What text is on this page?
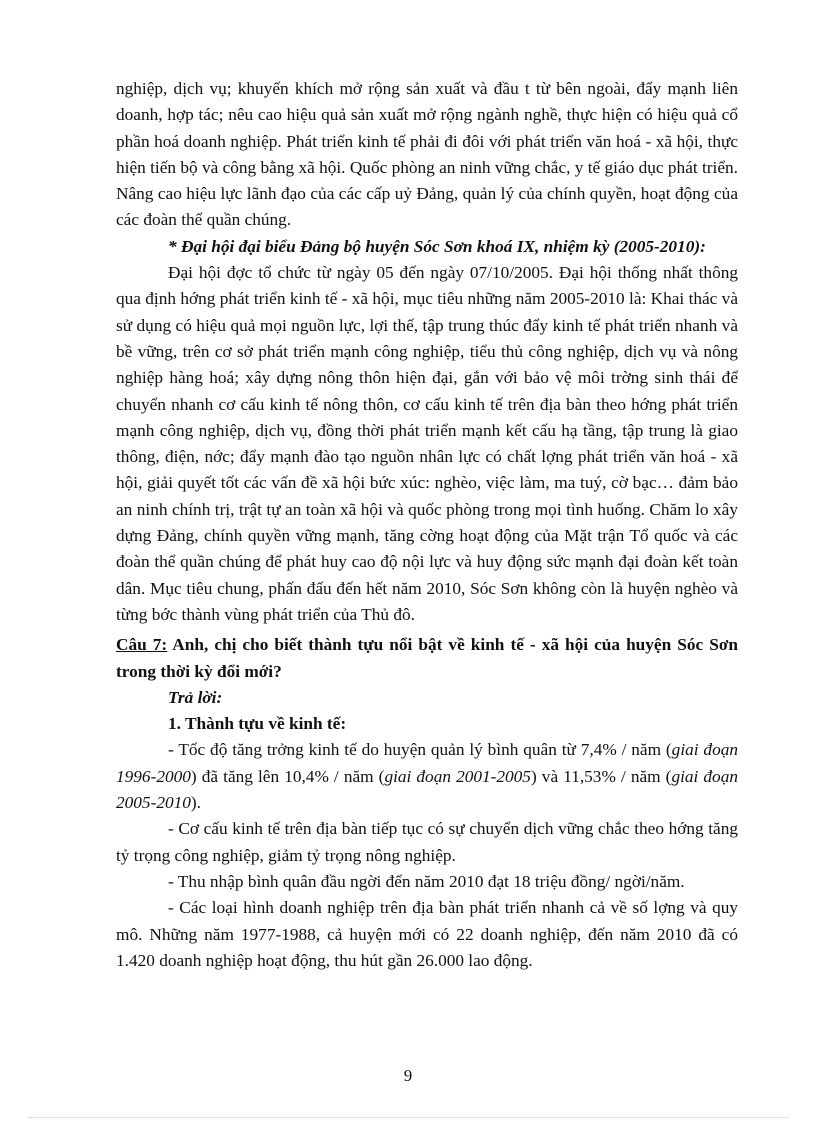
nghiệp, dịch vụ; khuyến khích mở rộng sản xuất và đầu t từ bên ngoài, đẩy mạnh liên doanh, hợp tác; nêu cao hiệu quả sản xuất mở rộng ngành nghề, thực hiện có hiệu quả cổ phần hoá doanh nghiệp. Phát triển kinh tế phải đi đôi với phát triển văn hoá - xã hội, thực hiện tiến bộ và công bằng xã hội. Quốc phòng an ninh vững chắc, y tế giáo dục phát triển. Nâng cao hiệu lực lãnh đạo của các cấp uỷ Đảng, quản lý của chính quyền, hoạt động của các đoàn thể quần chúng.

* Đại hội đại biểu Đảng bộ huyện Sóc Sơn khoá IX, nhiệm kỳ (2005-2010):

Đại hội đợc tổ chức từ ngày 05 đến ngày 07/10/2005. Đại hội thống nhất thông qua định hớng phát triển kinh tế - xã hội, mục tiêu những năm 2005-2010 là: Khai thác và sử dụng có hiệu quả mọi nguồn lực, lợi thế, tập trung thúc đẩy kinh tế phát triển nhanh và bề vững, trên cơ sở phát triển mạnh công nghiệp, tiểu thủ công nghiệp, dịch vụ và nông nghiệp hàng hoá; xây dựng nông thôn hiện đại, gắn với bảo vệ môi trờng sinh thái để chuyển nhanh cơ cấu kinh tế nông thôn, cơ cấu kinh tế trên địa bàn theo hớng phát triển mạnh công nghiệp, dịch vụ, đồng thời phát triển mạnh kết cấu hạ tầng, tập trung là giao thông, điện, nớc; đẩy mạnh đào tạo nguồn nhân lực có chất lợng phát triển văn hoá - xã hội, giải quyết tốt các vấn đề xã hội bức xúc: nghèo, việc làm, ma tuý, cờ bạc… đảm bảo an ninh chính trị, trật tự an toàn xã hội và quốc phòng trong mọi tình huống. Chăm lo xây dựng Đảng, chính quyền vững mạnh, tăng cờng hoạt động của Mặt trận Tổ quốc và các đoàn thể quần chúng để phát huy cao độ nội lực và huy động sức mạnh đại đoàn kết toàn dân. Mục tiêu chung, phấn đấu đến hết năm 2010, Sóc Sơn không còn là huyện nghèo và từng bớc thành vùng phát triển của Thủ đô.

Câu 7: Anh, chị cho biết thành tựu nổi bật về kinh tế - xã hội của huyện Sóc Sơn trong thời kỳ đổi mới?

Trả lời:

1. Thành tựu về kinh tế:

- Tốc độ tăng trởng kinh tế do huyện quản lý bình quân từ 7,4% / năm (giai đoạn 1996-2000) đã tăng lên 10,4% / năm (giai đoạn 2001-2005) và 11,53% / năm (giai đoạn 2005-2010).

- Cơ cấu kinh tế trên địa bàn tiếp tục có sự chuyển dịch vững chắc theo hớng tăng tỷ trọng công nghiệp, giảm tỷ trọng nông nghiệp.

- Thu nhập bình quân đầu ngời đến năm 2010 đạt 18 triệu đồng/ ngời/năm.

- Các loại hình doanh nghiệp trên địa bàn phát triển nhanh cả về số lợng và quy mô. Những năm 1977-1988, cả huyện mới có 22 doanh nghiệp, đến năm 2010 đã có 1.420 doanh nghiệp hoạt động, thu hút gần 26.000 lao động.

9
